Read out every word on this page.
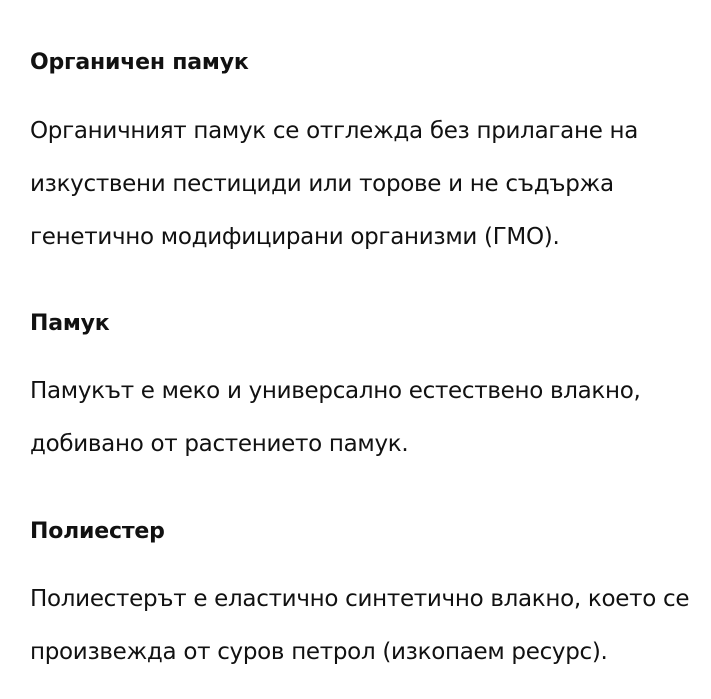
Органичен памук

Органичният памук се отглежда без прилагане на
изкуствени пестициди или торове и не съдържа
генетично модифицирани организми (ГМО).

Памук

Памукът е меко и универсално естествено влакно,
добивано от растението памук.

Полиестер

Полиестерът е еластично синтетично влакно, което се
произвежда от суров петрол (изкопаем ресурс).
